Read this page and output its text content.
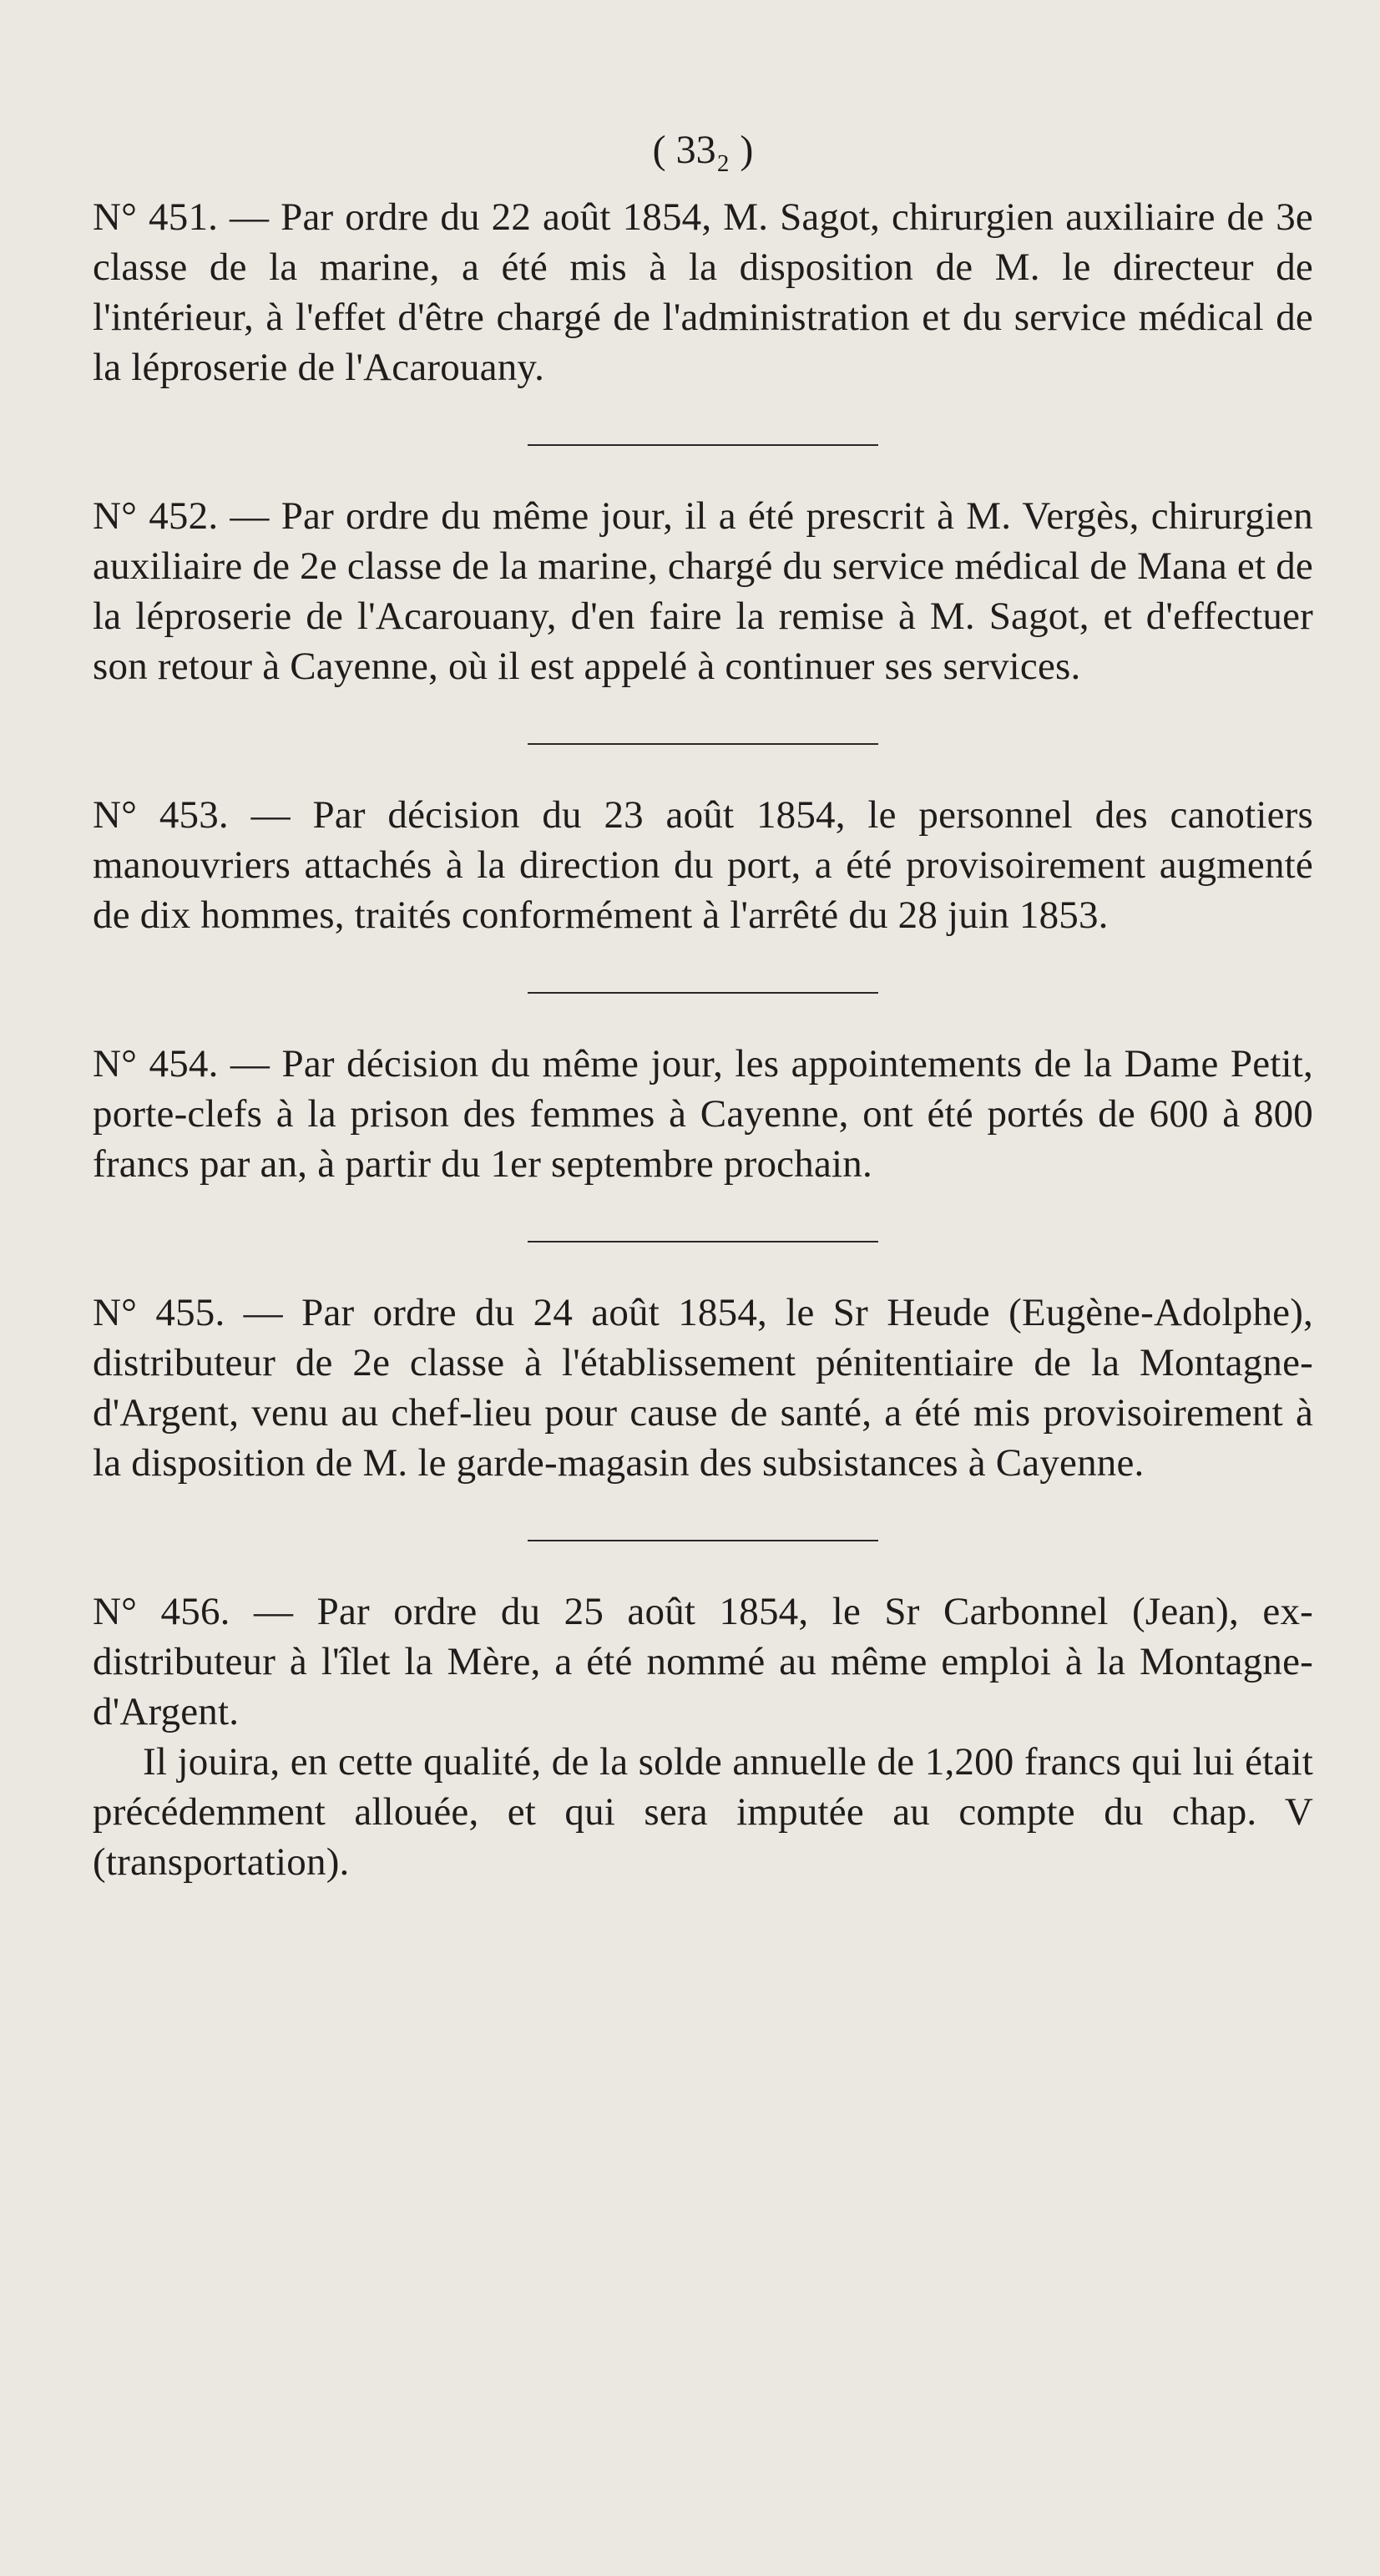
( 33₂ )

N° 451. — Par ordre du 22 août 1854, M. Sagot, chirurgien auxiliaire de 3e classe de la marine, a été mis à la disposition de M. le directeur de l'intérieur, à l'effet d'être chargé de l'administration et du service médical de la léproserie de l'Acarouany.

N° 452. — Par ordre du même jour, il a été prescrit à M. Vergès, chirurgien auxiliaire de 2e classe de la marine, chargé du service médical de Mana et de la léproserie de l'Acarouany, d'en faire la remise à M. Sagot, et d'effectuer son retour à Cayenne, où il est appelé à continuer ses services.

N° 453. — Par décision du 23 août 1854, le personnel des canotiers manouvriers attachés à la direction du port, a été provisoirement augmenté de dix hommes, traités conformément à l'arrêté du 28 juin 1853.

N° 454. — Par décision du même jour, les appointements de la Dame Petit, porte-clefs à la prison des femmes à Cayenne, ont été portés de 600 à 800 francs par an, à partir du 1er septembre prochain.

N° 455. — Par ordre du 24 août 1854, le Sr Heude (Eugène-Adolphe), distributeur de 2e classe à l'établissement pénitentiaire de la Montagne-d'Argent, venu au chef-lieu pour cause de santé, a été mis provisoirement à la disposition de M. le garde-magasin des subsistances à Cayenne.

N° 456. — Par ordre du 25 août 1854, le Sr Carbonnel (Jean), ex-distributeur à l'îlet la Mère, a été nommé au même emploi à la Montagne-d'Argent.

Il jouira, en cette qualité, de la solde annuelle de 1,200 francs qui lui était précédemment allouée, et qui sera imputée au compte du chap. V (transportation).
